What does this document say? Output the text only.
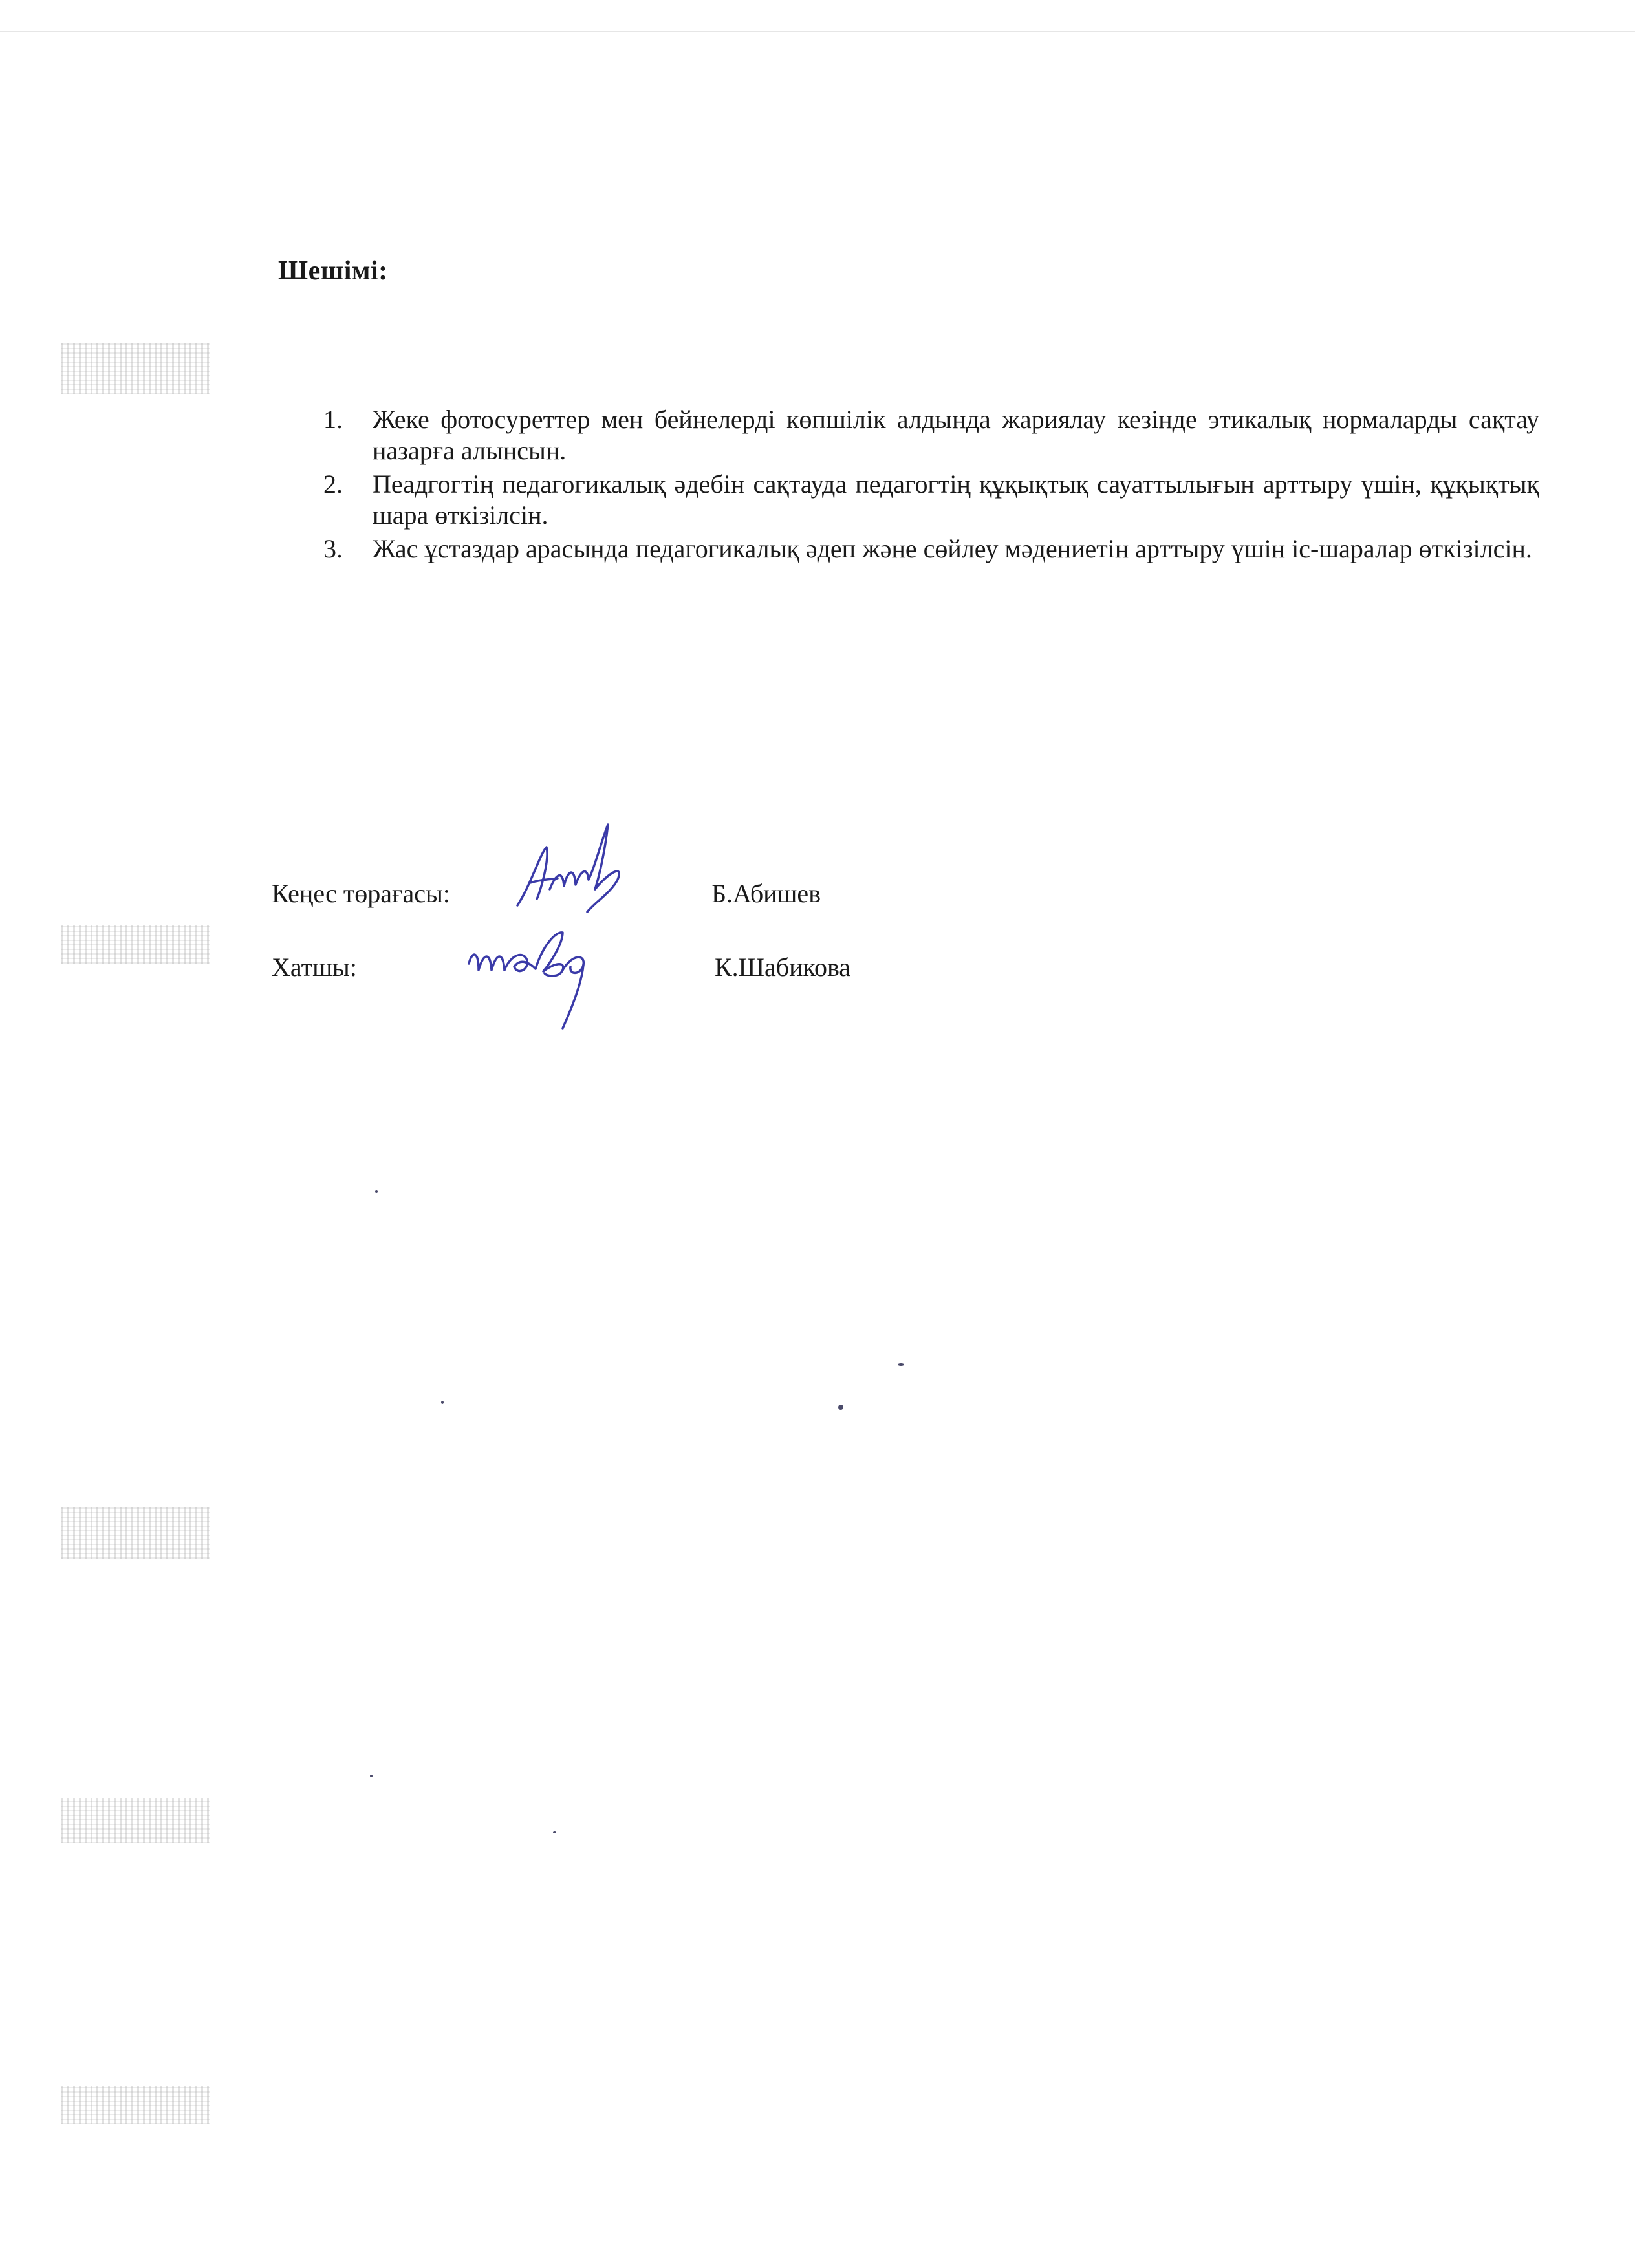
Шешімі:
1. Жеке фотосуреттер мен бейнелерді көпшілік алдында жариялау кезінде этикалық нормаларды сақтау назарға алынсын.
2. Пеадгогтің педагогикалық әдебін сақтауда педагогтің құқықтық сауаттылығын арттыру үшін, құқықтық шара өткізілсін.
3. Жас ұстаздар арасында педагогикалық әдеп және сөйлеу мәдениетін арттыру үшін іс-шаралар өткізілсін.
Кеңес төрағасы:	Б.Абишев
Хатшы:	К.Шабикова
